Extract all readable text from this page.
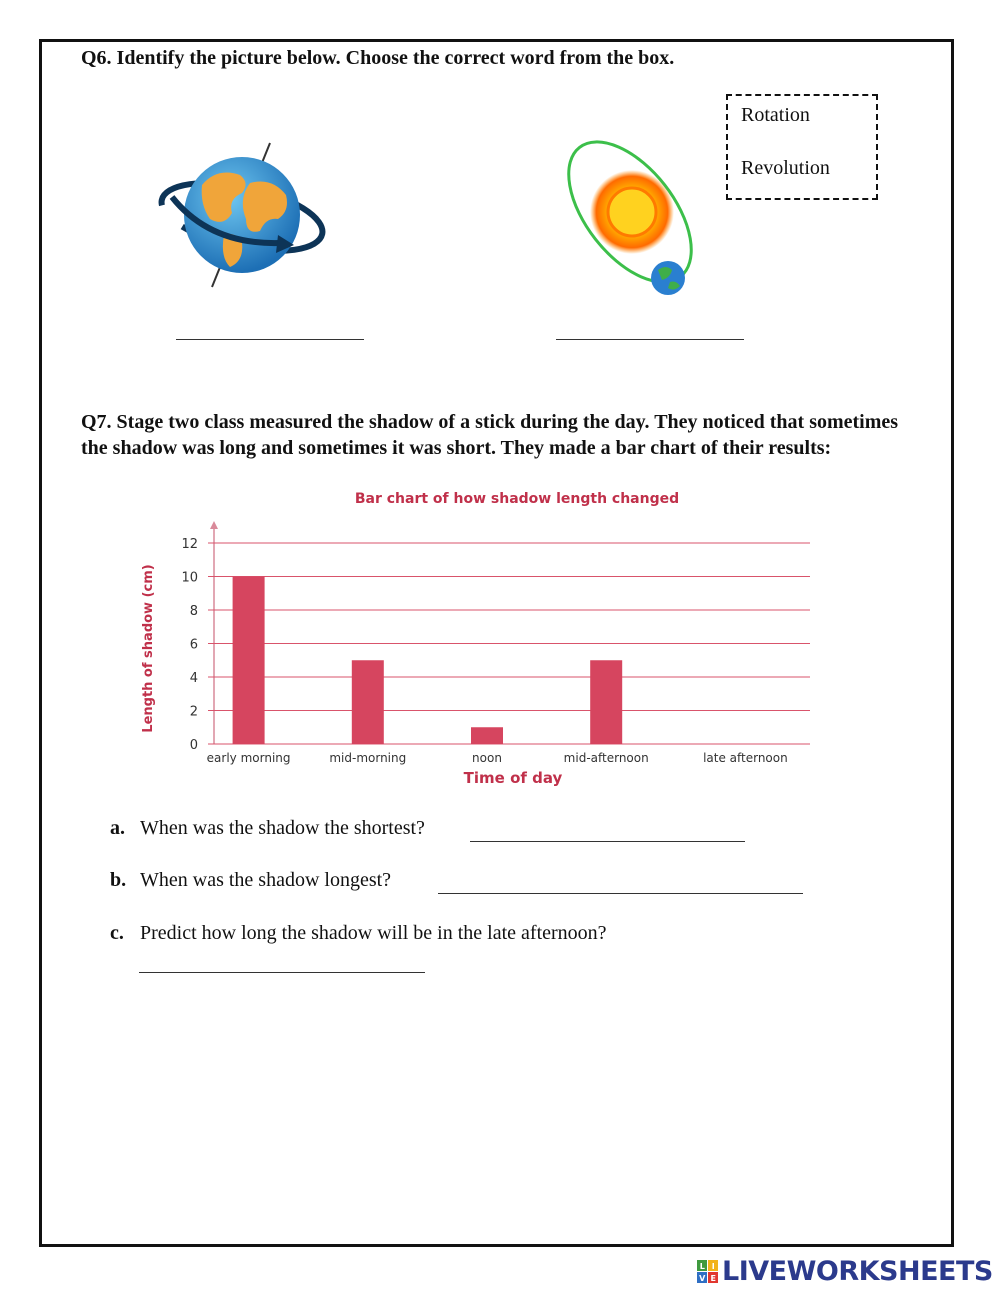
Q6. Identify the picture below. Choose the correct word from the box.
Rotation
Revolution
Q7. Stage two class measured the shadow of a stick during the day. They noticed that sometimes the shadow was long and sometimes it was short. They made a bar chart of their results:
Bar chart of how shadow length changed
Length of shadow (cm)
Time of day
0
2
4
6
8
10
12
early morning	mid-morning	noon	mid-afternoon	late afternoon
a. When was the shadow the shortest?
b. When was the shadow longest?
c. Predict how long the shadow will be in the late afternoon?
L I
V E LIVEWORKSHEETS
